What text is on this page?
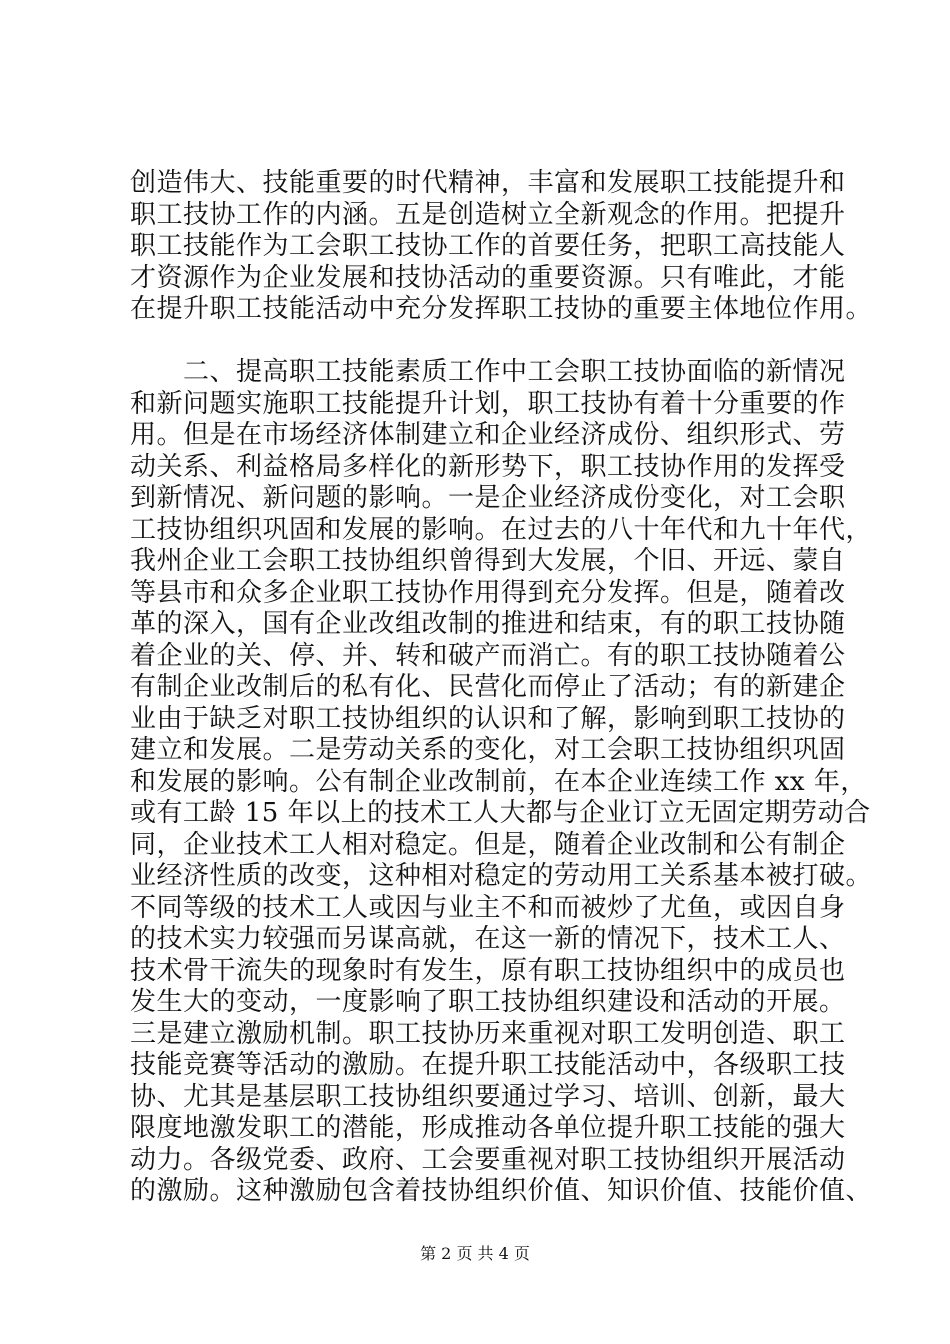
创造伟大、技能重要的时代精神，丰富和发展职工技能提升和
职工技协工作的内涵。五是创造树立全新观念的作用。把提升
职工技能作为工会职工技协工作的首要任务，把职工高技能人
才资源作为企业发展和技协活动的重要资源。只有唯此，才能
在提升职工技能活动中充分发挥职工技协的重要主体地位作用。
　　二、提高职工技能素质工作中工会职工技协面临的新情况
和新问题实施职工技能提升计划，职工技协有着十分重要的作
用。但是在市场经济体制建立和企业经济成份、组织形式、劳
动关系、利益格局多样化的新形势下，职工技协作用的发挥受
到新情况、新问题的影响。一是企业经济成份变化，对工会职
工技协组织巩固和发展的影响。在过去的八十年代和九十年代，
我州企业工会职工技协组织曾得到大发展，个旧、开远、蒙自
等县市和众多企业职工技协作用得到充分发挥。但是，随着改
革的深入，国有企业改组改制的推进和结束，有的职工技协随
着企业的关、停、并、转和破产而消亡。有的职工技协随着公
有制企业改制后的私有化、民营化而停止了活动；有的新建企
业由于缺乏对职工技协组织的认识和了解，影响到职工技协的
建立和发展。二是劳动关系的变化，对工会职工技协组织巩固
和发展的影响。公有制企业改制前，在本企业连续工作 xx 年，
或有工龄 15 年以上的技术工人大都与企业订立无固定期劳动合
同，企业技术工人相对稳定。但是，随着企业改制和公有制企
业经济性质的改变，这种相对稳定的劳动用工关系基本被打破。
不同等级的技术工人或因与业主不和而被炒了尤鱼，或因自身
的技术实力较强而另谋高就，在这一新的情况下，技术工人、
技术骨干流失的现象时有发生，原有职工技协组织中的成员也
发生大的变动，一度影响了职工技协组织建设和活动的开展。
三是建立激励机制。职工技协历来重视对职工发明创造、职工
技能竞赛等活动的激励。在提升职工技能活动中，各级职工技
协、尤其是基层职工技协组织要通过学习、培训、创新，最大
限度地激发职工的潜能，形成推动各单位提升职工技能的强大
动力。各级党委、政府、工会要重视对职工技协组织开展活动
的激励。这种激励包含着技协组织价值、知识价值、技能价值、
第 2 页 共 4 页
